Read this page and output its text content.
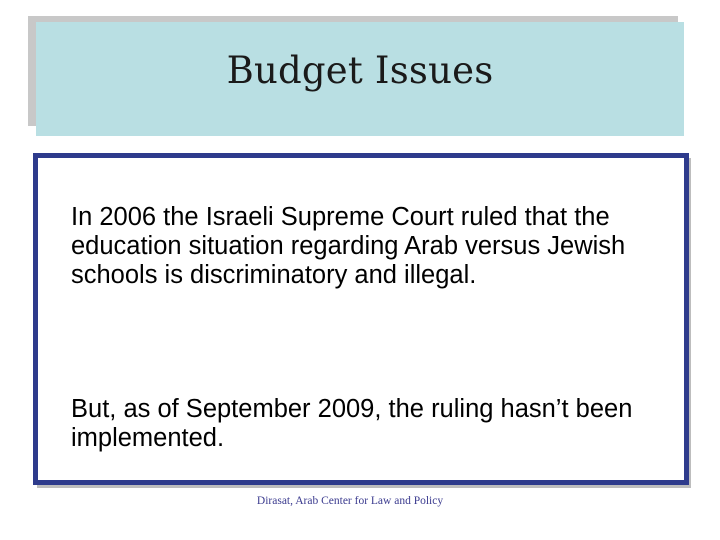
Budget Issues

In 2006 the Israeli Supreme Court ruled that the education situation regarding Arab versus Jewish schools is discriminatory and illegal.

But, as of September 2009, the ruling hasn’t been implemented.

Dirasat, Arab Center for Law and Policy
